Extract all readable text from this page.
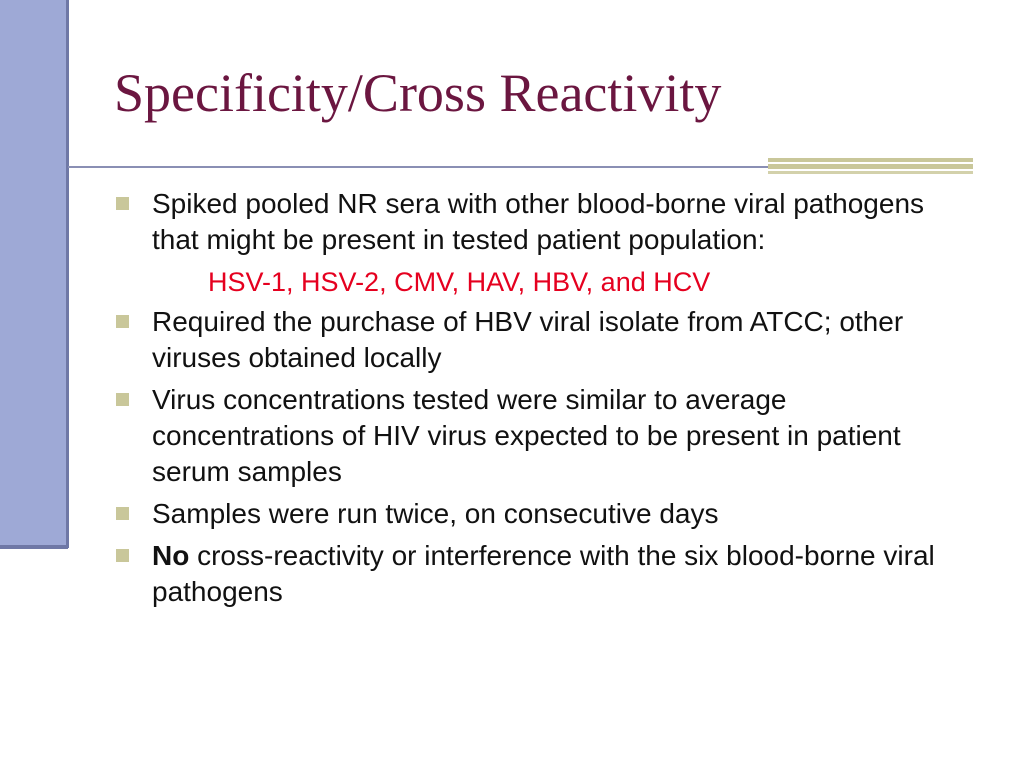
Specificity/Cross Reactivity
Spiked pooled NR sera with other blood-borne viral pathogens that might be present in tested patient population:
HSV-1, HSV-2, CMV, HAV, HBV, and HCV
Required the purchase of HBV viral isolate from ATCC; other viruses obtained locally
Virus concentrations tested were similar to average concentrations of HIV virus expected to be present in patient serum samples
Samples were run twice, on consecutive days
No cross-reactivity or interference with the six blood-borne viral pathogens
